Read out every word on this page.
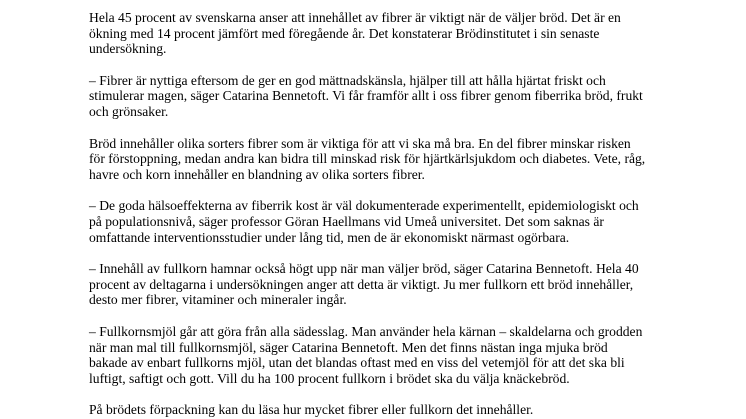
Hela 45 procent av svenskarna anser att innehållet av fibrer är viktigt när de väljer bröd. Det är en
ökning med 14 procent jämfört med föregående år. Det konstaterar Brödinstitutet i sin senaste
undersökning.

– Fibrer är nyttiga eftersom de ger en god mättnadskänsla, hjälper till att hålla hjärtat friskt och
stimulerar magen, säger Catarina Bennetoft. Vi får framför allt i oss fibrer genom fiberrika bröd, frukt
och grönsaker.

Bröd innehåller olika sorters fibrer som är viktiga för att vi ska må bra. En del fibrer minskar risken
för förstoppning, medan andra kan bidra till minskad risk för hjärtkärlsjukdom och diabetes. Vete, råg,
havre och korn innehåller en blandning av olika sorters fibrer.

– De goda hälsoeffekterna av fiberrik kost är väl dokumenterade experimentellt, epidemiologiskt och
på populationsnivå, säger professor Göran Haellmans vid Umeå universitet. Det som saknas är
omfattande interventionsstudier under lång tid, men de är ekonomiskt närmast ogörbara.

– Innehåll av fullkorn hamnar också högt upp när man väljer bröd, säger Catarina Bennetoft. Hela 40
procent av deltagarna i undersökningen anger att detta är viktigt. Ju mer fullkorn ett bröd innehåller,
desto mer fibrer, vitaminer och mineraler ingår.

– Fullkornsmjöl går att göra från alla sädesslag. Man använder hela kärnan – skaldelarna och grodden
när man mal till fullkornsmjöl, säger Catarina Bennetoft. Men det finns nästan inga mjuka bröd
bakade av enbart fullkorns mjöl, utan det blandas oftast med en viss del vetemjöl för att det ska bli
luftigt, saftigt och gott. Vill du ha 100 procent fullkorn i brödet ska du välja knäckebröd.

På brödets förpackning kan du läsa hur mycket fibrer eller fullkorn det innehåller.
